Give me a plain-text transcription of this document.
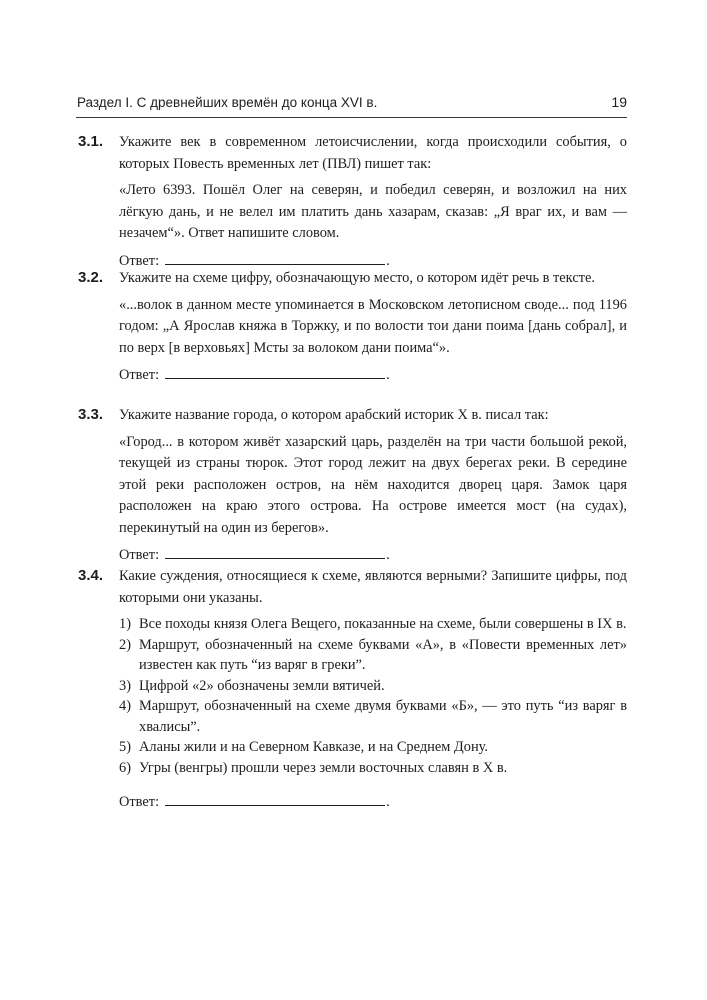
Раздел I. С древнейших времён до конца XVI в.	19
3.1. Укажите век в современном летоисчислении, когда происходили события, о которых Повесть временных лет (ПВЛ) пишет так:

«Лето 6393. Пошёл Олег на северян, и победил северян, и возложил на них лёгкую дань, и не велел им платить дань хазарам, сказав: „Я враг их, и вам — незачем“». Ответ напишите словом.

Ответ:	.
3.2. Укажите на схеме цифру, обозначающую место, о котором идёт речь в тексте.

«...волок в данном месте упоминается в Московском летописном своде... под 1196 годом: „А Ярослав княжа в Торжку, и по волости тои дани поима [дань собрал], и по верх [в верховьях] Мсты за волоком дани поима“».

Ответ:	.
3.3. Укажите название города, о котором арабский историк X в. писал так:

«Город... в котором живёт хазарский царь, разделён на три части большой рекой, текущей из страны тюрок. Этот город лежит на двух берегах реки. В середине этой реки расположен остров, на нём находится дворец царя. Замок царя расположен на краю этого острова. На острове имеется мост (на судах), перекинутый на один из берегов».

Ответ:	.
3.4. Какие суждения, относящиеся к схеме, являются верными? Запишите цифры, под которыми они указаны.

1) Все походы князя Олега Вещего, показанные на схеме, были совершены в IX в.
2) Маршрут, обозначенный на схеме буквами «А», в «Повести временных лет» известен как путь “из варяг в греки”.
3) Цифрой «2» обозначены земли вятичей.
4) Маршрут, обозначенный на схеме двумя буквами «Б», — это путь “из варяг в хвалисы”.
5) Аланы жили и на Северном Кавказе, и на Среднем Дону.
6) Угры (венгры) прошли через земли восточных славян в X в.
Ответ:	.
